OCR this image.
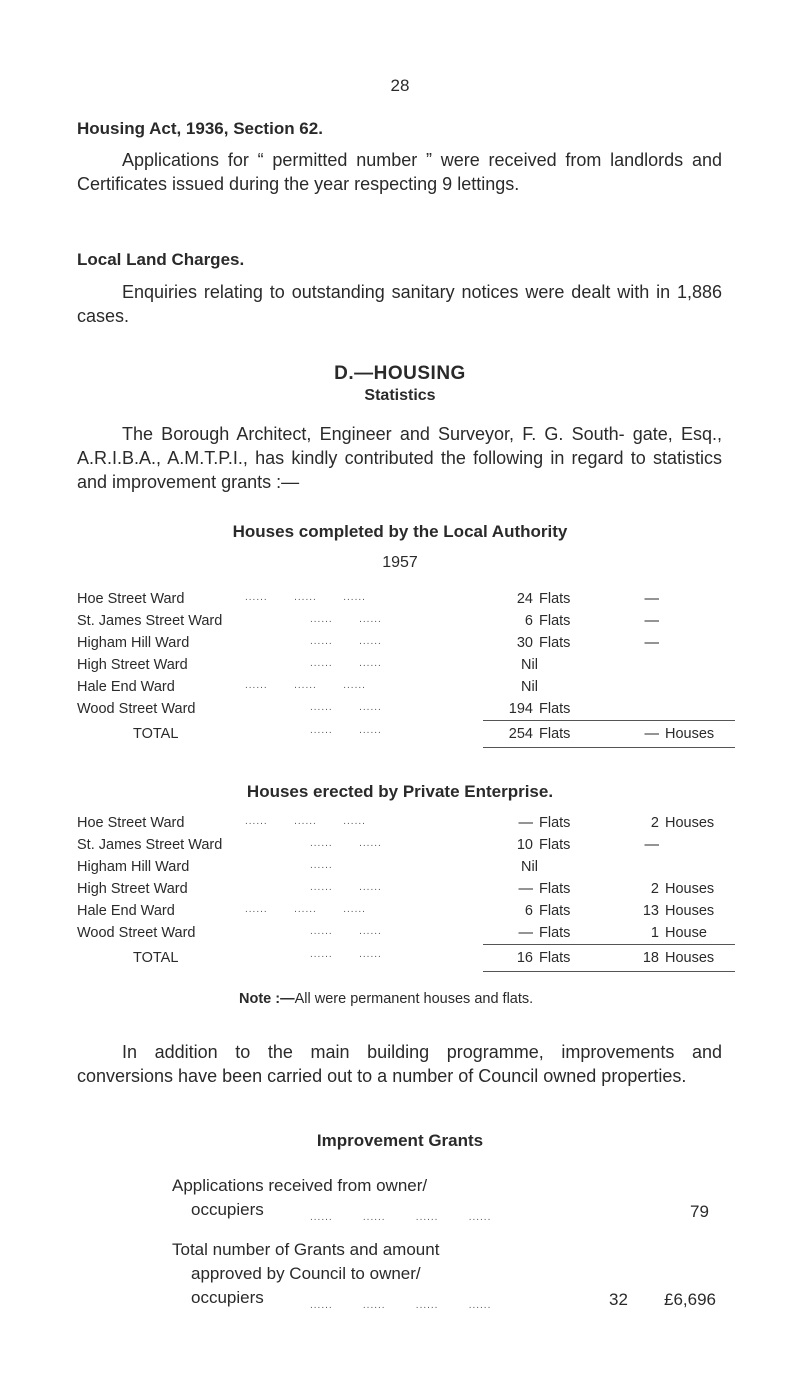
28
Housing Act, 1936, Section 62.
Applications for “ permitted number ” were received from landlords and Certificates issued during the year respecting 9 lettings.
Local Land Charges.
Enquiries relating to outstanding sanitary notices were dealt with in 1,886 cases.
D.—HOUSING
Statistics
The Borough Architect, Engineer and Surveyor, F. G. South- gate, Esq., A.R.I.B.A., A.M.T.P.I., has kindly contributed the following in regard to statistics and improvement grants :—
Houses completed by the Local Authority
1957
Hoe Street Ward ......       ......       ......	24	Flats	—	
St. James Street Ward ......       ......	6	Flats	—	
Higham Hill Ward ......       ......	30	Flats	—	
High Street Ward ......       ......	Nil			
Hale End Ward ......       ......       ......	Nil			
Wood Street Ward ......       ......	194	Flats		
TOTAL ......       ......	254	Flats	—	Houses
Houses erected by Private Enterprise.
Hoe Street Ward ......       ......       ......	—	Flats	2	Houses
St. James Street Ward ......       ......	10	Flats	—	
Higham Hill Ward ......	Nil			
High Street Ward ......       ......	—	Flats	2	Houses
Hale End Ward ......       ......       ......	6	Flats	13	Houses
Wood Street Ward ......       ......	—	Flats	1	House
TOTAL ......       ......	16	Flats	18	Houses
Note :—All were permanent houses and flats.
In addition to the main building programme, improvements and conversions have been carried out to a number of Council owned properties.
Improvement Grants
Applications received from owner/
occupiers	......        ......        ......        ......	79
Total number of Grants and amount
approved by Council to owner/
occupiers	......        ......        ......        ......	32 £6,696
